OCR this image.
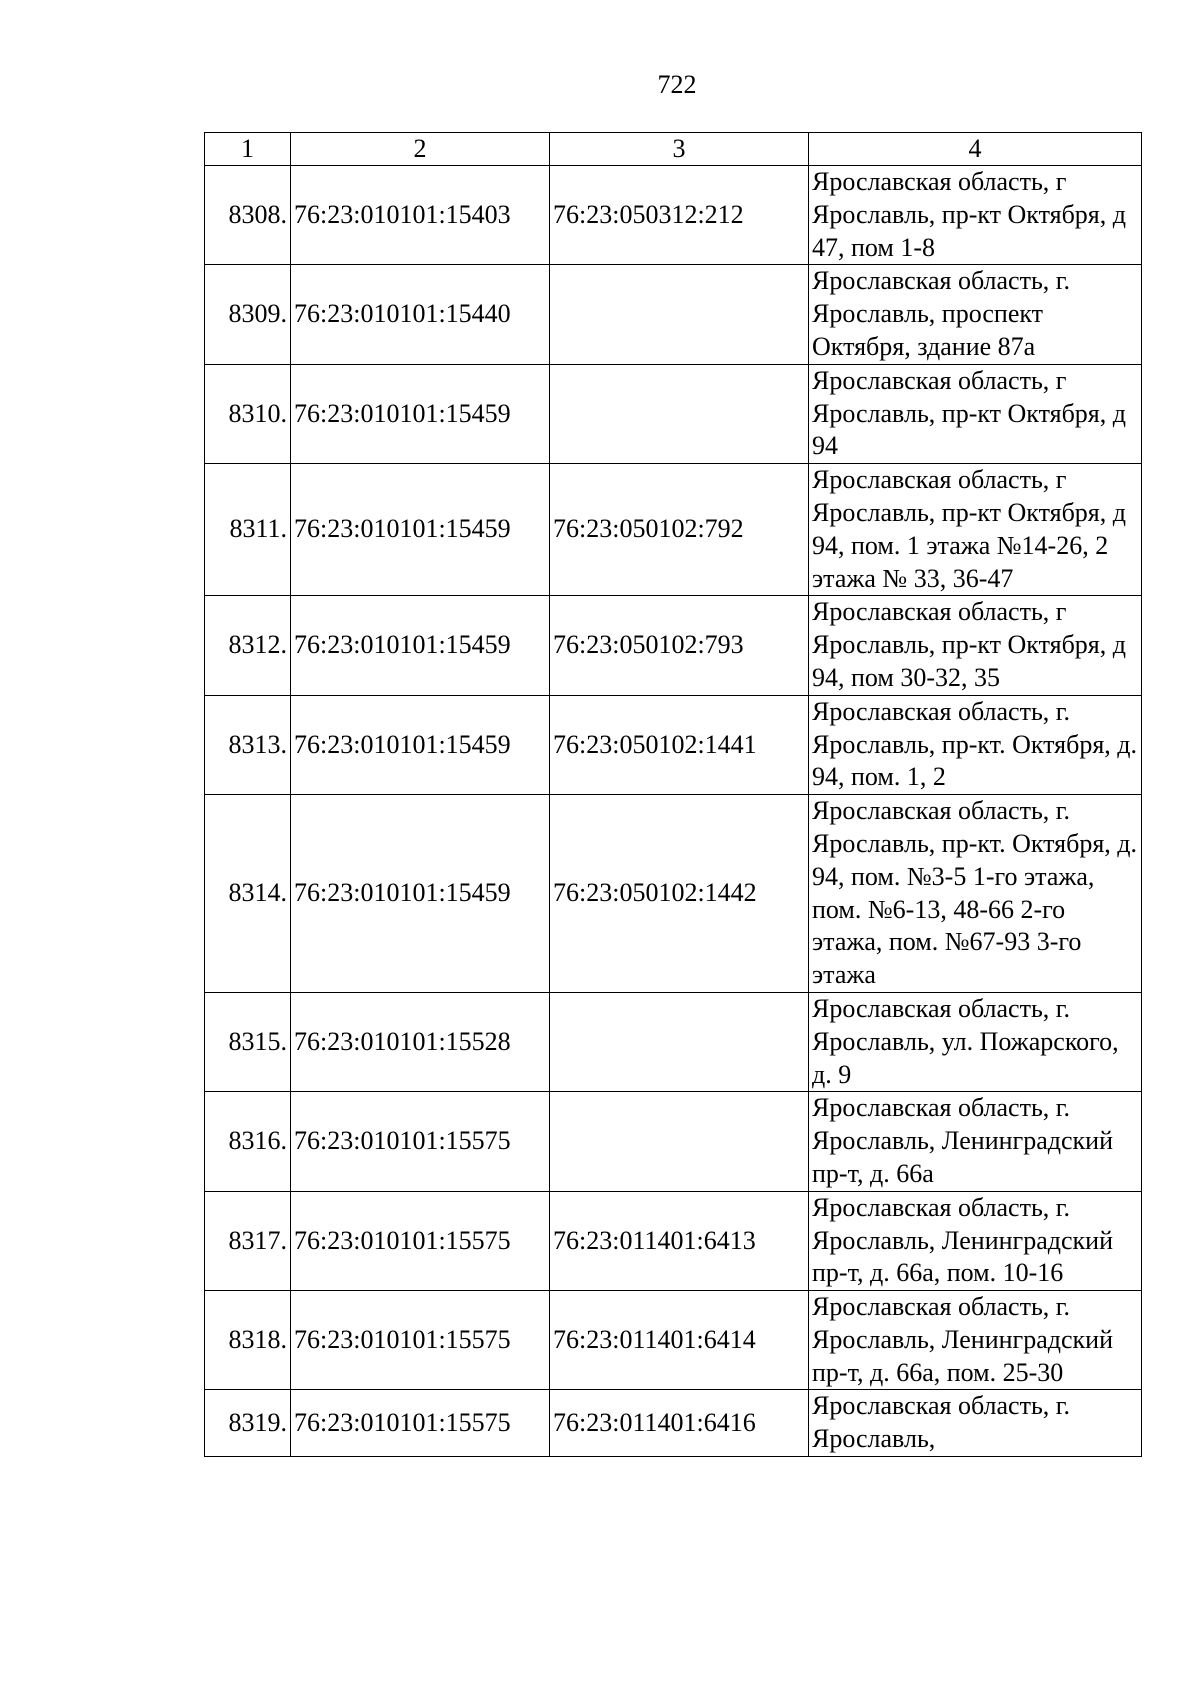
722
1	2	3	4
8308.	76:23:010101:15403	76:23:050312:212	Ярославская область, г Ярославль, пр-кт Октября, д 47, пом 1-8
8309.	76:23:010101:15440		Ярославская область, г. Ярославль, проспект Октября, здание 87а
8310.	76:23:010101:15459		Ярославская область, г Ярославль, пр-кт Октября, д 94
8311.	76:23:010101:15459	76:23:050102:792	Ярославская область, г Ярославль, пр-кт Октября, д 94, пом. 1 этажа №14-26, 2 этажа № 33, 36-47
8312.	76:23:010101:15459	76:23:050102:793	Ярославская область, г Ярославль, пр-кт Октября, д 94, пом 30-32, 35
8313.	76:23:010101:15459	76:23:050102:1441	Ярославская область, г. Ярославль, пр-кт. Октября, д. 94, пом. 1, 2
8314.	76:23:010101:15459	76:23:050102:1442	Ярославская область, г. Ярославль, пр-кт. Октября, д. 94, пом. №3-5 1-го этажа, пом. №6-13, 48-66 2-го этажа, пом. №67-93 3-го этажа
8315.	76:23:010101:15528		Ярославская область, г. Ярославль, ул. Пожарского, д. 9
8316.	76:23:010101:15575		Ярославская область, г. Ярославль, Ленинградский пр-т, д. 66а
8317.	76:23:010101:15575	76:23:011401:6413	Ярославская область, г. Ярославль, Ленинградский пр-т, д. 66а, пом. 10-16
8318.	76:23:010101:15575	76:23:011401:6414	Ярославская область, г. Ярославль, Ленинградский пр-т, д. 66а, пом. 25-30
8319.	76:23:010101:15575	76:23:011401:6416	Ярославская область, г. Ярославль,
